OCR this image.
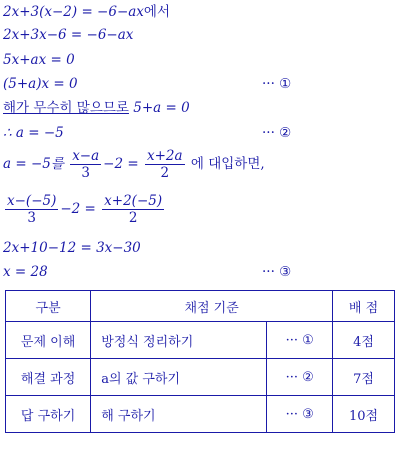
2x+3(x−2) = −6−ax에서
2x+3x−6 = −6−ax
5x+ax = 0
(5+a)x = 0	··· ①
해가 무수히 많으므로 5+a = 0
∴ a = −5	··· ②
a = −5를 $\frac{x-a}{3} -2 = \frac{x+2a}{2}$ 에 대입하면,
$\frac{x-(-5)}{3} -2 = \frac{x+2(-5)}{2}$
2x+10−12 = 3x−30
x = 28	··· ③
구분	채점 기준		배 점
문제 이해	방정식 정리하기	··· ①	4점
해결 과정	a의 값 구하기	··· ②	7점
답 구하기	해 구하기	··· ③	10점
